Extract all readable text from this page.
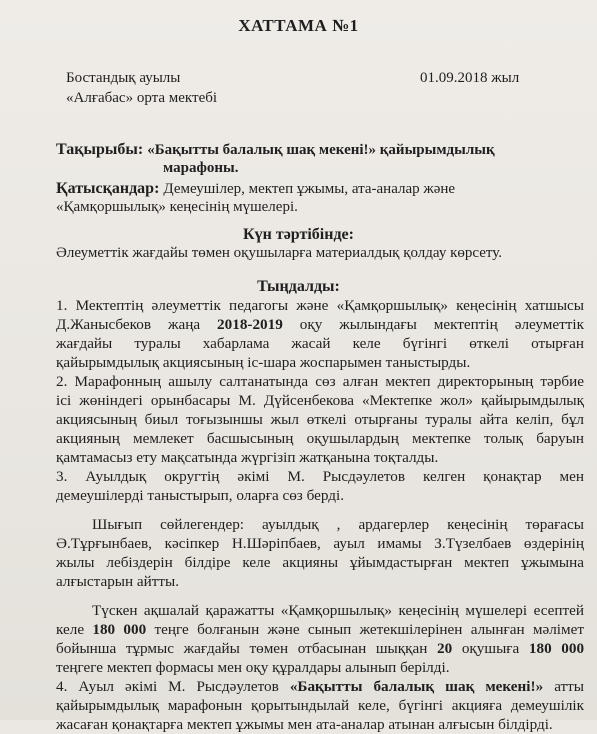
ХАТТАМА №1
Бостандық ауылы	01.09.2018 жыл
«Алғабас» орта мектебі
Тақырыбы: «Бақытты балалық шақ мекені!» қайырымдылық
марафоны.
Қатысқандар: Демеушілер, мектеп ұжымы, ата-аналар және
«Қамқоршылық» кеңесінің мүшелері.
Күн тәртібінде:
Әлеуметтік жағдайы төмен оқушыларға материалдық қолдау көрсету.
Тыңдалды:
1. Мектептің әлеуметтік педагогы және «Қамқоршылық» кеңесінің хатшысы
Д.Жанысбеков жаңа 2018-2019 оқу жылындағы мектептің әлеуметтік
жағдайы туралы хабарлама жасай келе бүгінгі өткелі отырған
қайырымдылық акциясының іс-шара жоспарымен таныстырды.
2. Марафонның ашылу салтанатында сөз алған мектеп директорының тәрбие
ісі жөніндегі орынбасары М. Дүйсенбекова «Мектепке жол» қайырымдылық
акциясының биыл тоғызыншы жыл өткелі отырғаны туралы айта келіп, бұл
акцияның мемлекет басшысының оқушылардың мектепке толық баруын
қамтамасыз ету мақсатында жүргізіп жатқанына тоқталды.
3. Ауылдық округтің әкімі М. Рысдәулетов келген қонақтар мен
демеушілерді таныстырып, оларға сөз берді.
Шығып сөйлегендер: ауылдық , ардагерлер кеңесінің төрағасы
Ә.Тұрғынбаев, кәсіпкер Н.Шәріпбаев, ауыл имамы З.Түзелбаев өздерінің
жылы лебіздерін білдіре келе акцияны ұйымдастырған мектеп ұжымына
алғыстарын айтты.
Түскен ақшалай қаражатты «Қамқоршылық» кеңесінің мүшелері есептей
келе 180 000 теңге болғанын және сынып жетекшілерінен алынған мәлімет
бойынша тұрмыс жағдайы төмен отбасынан шыққан 20 оқушыға 180 000
теңгеге мектеп формасы мен оқу құралдары алынып берілді.
4. Ауыл әкімі М. Рысдәулетов «Бақытты балалық шақ мекені!» атты
қайырымдылық марафонын қорытындылай келе, бүгінгі акцияға демеушілік
жасаған қонақтарға мектеп ұжымы мен ата-аналар атынан алғысын білдірді.
